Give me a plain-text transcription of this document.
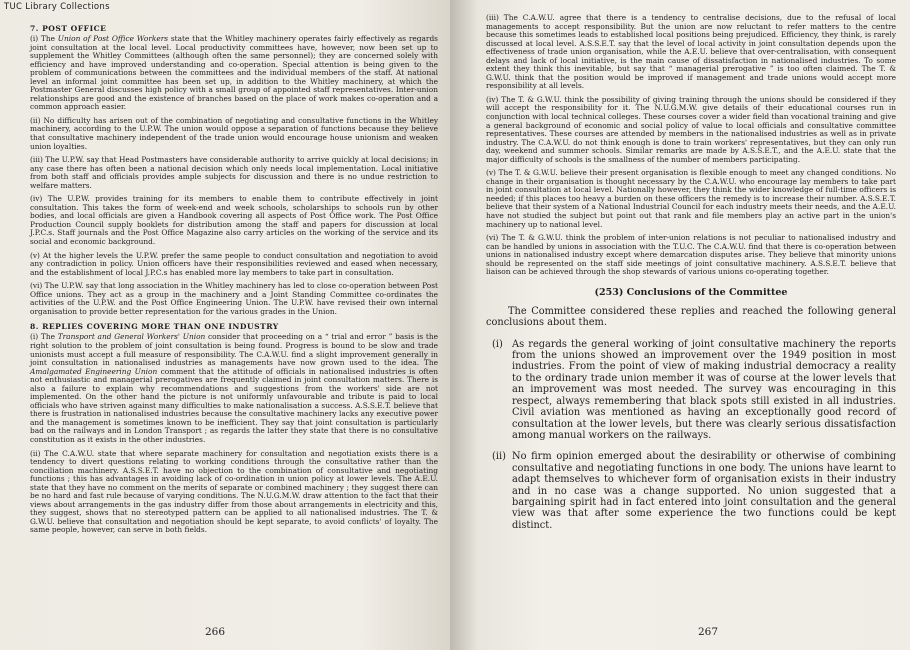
TUC Library Collections
7. POST OFFICE

(i) The Union of Post Office Workers state that the Whitley machinery operates fairly effectively as regards joint consultation at the local level. Local productivity committees have, however, now been set up to supplement the Whitley Committees (although often the same personnel); they are concerned solely with efficiency and have improved understanding and co-operation. Special attention is being given to the problem of communications between the committees and the individual members of the staff. At national level an informal joint committee has been set up, in addition to the Whitley machinery, at which the Postmaster General discusses high policy with a small group of appointed staff representatives. Inter-union relationships are good and the existence of branches based on the place of work makes co-operation and a common approach easier.

(ii) No difficulty has arisen out of the combination of negotiating and consultative functions in the Whitley machinery, according to the U.P.W. The union would oppose a separation of functions because they believe that consultative machinery independent of the trade union would encourage house unionism and weaken union loyalties.

(iii) The U.P.W. say that Head Postmasters have considerable authority to arrive quickly at local decisions; in any case there has often been a national decision which only needs local implementation. Local initiative from both staff and officials provides ample subjects for discussion and there is no undue restriction to welfare matters.

(iv) The U.P.W. provides training for its members to enable them to contribute effectively in joint consultation. This takes the form of week-end and week schools, scholarships to schools run by other bodies, and local officials are given a Handbook covering all aspects of Post Office work. The Post Office Production Council supply booklets for distribution among the staff and papers for discussion at local J.P.C.s. Staff journals and the Post Office Magazine also carry articles on the working of the service and its social and economic background.

(v) At the higher levels the U.P.W. prefer the same people to conduct consultation and negotiation to avoid any contradiction in policy. Union officers have their responsibilities reviewed and eased when necessary, and the establishment of local J.P.C.s has enabled more lay members to take part in consultation.

(vi) The U.P.W. say that long association in the Whitley machinery has led to close co-operation between Post Office unions. They act as a group in the machinery and a Joint Standing Committee co-ordinates the activities of the U.P.W. and the Post Office Engineering Union. The U.P.W. have revised their own internal organisation to provide better representation for the various grades in the Union.

8. REPLIES COVERING MORE THAN ONE INDUSTRY

(i) The Transport and General Workers' Union consider that proceeding on a “ trial and error ” basis is the right solution to the problem of joint consultation is being found. Progress is bound to be slow and trade unionists must accept a full measure of responsibility. The C.A.W.U. find a slight improvement generally in joint consultation in nationalised industries as managements have now grown used to the idea. The Amalgamated Engineering Union comment that the attitude of officials in nationalised industries is often not enthusiastic and managerial prerogatives are frequently claimed in joint consultation matters. There is also a failure to explain why recommendations and suggestions from the workers' side are not implemented. On the other hand the picture is not uniformly unfavourable and tribute is paid to local officials who have striven against many difficulties to make nationalisation a success. A.S.S.E.T. believe that there is frustration in nationalised industries because the consultative machinery lacks any executive power and the management is sometimes known to be inefficient. They say that joint consultation is particularly bad on the railways and in London Transport ; as regards the latter they state that there is no consultative constitution as it exists in the other industries.

(ii) The C.A.W.U. state that where separate machinery for consultation and negotiation exists there is a tendency to divert questions relating to working conditions through the consultative rather than the conciliation machinery. A.S.S.E.T. have no objection to the combination of consultative and negotiating functions ; this has advantages in avoiding lack of co-ordination in union policy at lower levels. The A.E.U. state that they have no comment on the merits of separate or combined machinery ; they suggest there can be no hard and fast rule because of varying conditions. The N.U.G.M.W. draw attention to the fact that their views about arrangements in the gas industry differ from those about arrangements in electricity and this, they suggest, shows that no stereotyped pattern can be applied to all nationalised industries. The T. & G.W.U. believe that consultation and negotiation should be kept separate, to avoid conflicts' of loyalty. The same people, however, can serve in both fields.

266

(iii) The C.A.W.U. agree that there is a tendency to centralise decisions, due to the refusal of local managements to accept responsibility. But the union are now reluctant to refer matters to the centre because this sometimes leads to established local positions being prejudiced. Efficiency, they think, is rarely discussed at local level. A.S.S.E.T. say that the level of local activity in joint consultation depends upon the effectiveness of trade union organisation, while the A.E.U. believe that over-centralisation, with consequent delays and lack of local initiative, is the main cause of dissatisfaction in nationalised industries. To some extent they think this inevitable, but say that “ managerial prerogative ” is too often claimed. The T. & G.W.U. think that the position would be improved if management and trade unions would accept more responsibility at all levels.

(iv) The T. & G.W.U. think the possibility of giving training through the unions should be considered if they will accept the responsibility for it. The N.U.G.M.W. give details of their educational courses run in conjunction with local technical colleges. These courses cover a wider field than vocational training and give a general background of economic and social policy of value to local officials and consultative committee representatives. These courses are attended by members in the nationalised industries as well as in private industry. The C.A.W.U. do not think enough is done to train workers' representatives, but they can only run day, weekend and summer schools. Similar remarks are made by A.S.S.E.T., and the A.E.U. state that the major difficulty of schools is the smallness of the number of members participating.

(v) The T. & G.W.U. believe their present organisation is flexible enough to meet any changed conditions. No change in their organisation is thought necessary by the C.A.W.U. who encourage lay members to take part in joint consultation at local level. Nationally however, they think the wider knowledge of full-time officers is needed; if this places too heavy a burden on these officers the remedy is to increase their number. A.S.S.E.T. believe that their system of a National Industrial Council for each industry meets their needs, and the A.E.U. have not studied the subject but point out that rank and file members play an active part in the union's machinery up to national level.

(vi) The T. & G.W.U. think the problem of inter-union relations is not peculiar to nationalised industry and can be handled by unions in association with the T.U.C. The C.A.W.U. find that there is co-operation between unions in nationalised industry except where demarcation disputes arise. They believe that minority unions should be represented on the staff side meetings of joint consultative machinery. A.S.S.E.T. believe that liaison can be achieved through the shop stewards of various unions co-operating together.

(253) Conclusions of the Committee

The Committee considered these replies and reached the following general conclusions about them.

(i) As regards the general working of joint consultative machinery the reports from the unions showed an improvement over the 1949 position in most industries. From the point of view of making industrial democracy a reality to the ordinary trade union member it was of course at the lower levels that an improvement was most needed. The survey was encouraging in this respect, always remembering that black spots still existed in all industries. Civil aviation was mentioned as having an exceptionally good record of consultation at the lower levels, but there was clearly serious dissatisfaction among manual workers on the railways.
(ii) No firm opinion emerged about the desirability or otherwise of combining consultative and negotiating functions in one body. The unions have learnt to adapt themselves to whichever form of organisation exists in their industry and in no case was a change supported. No union suggested that a bargaining spirit had in fact entered into joint consultation and the general view was that after some experience the two functions could be kept distinct.
267
